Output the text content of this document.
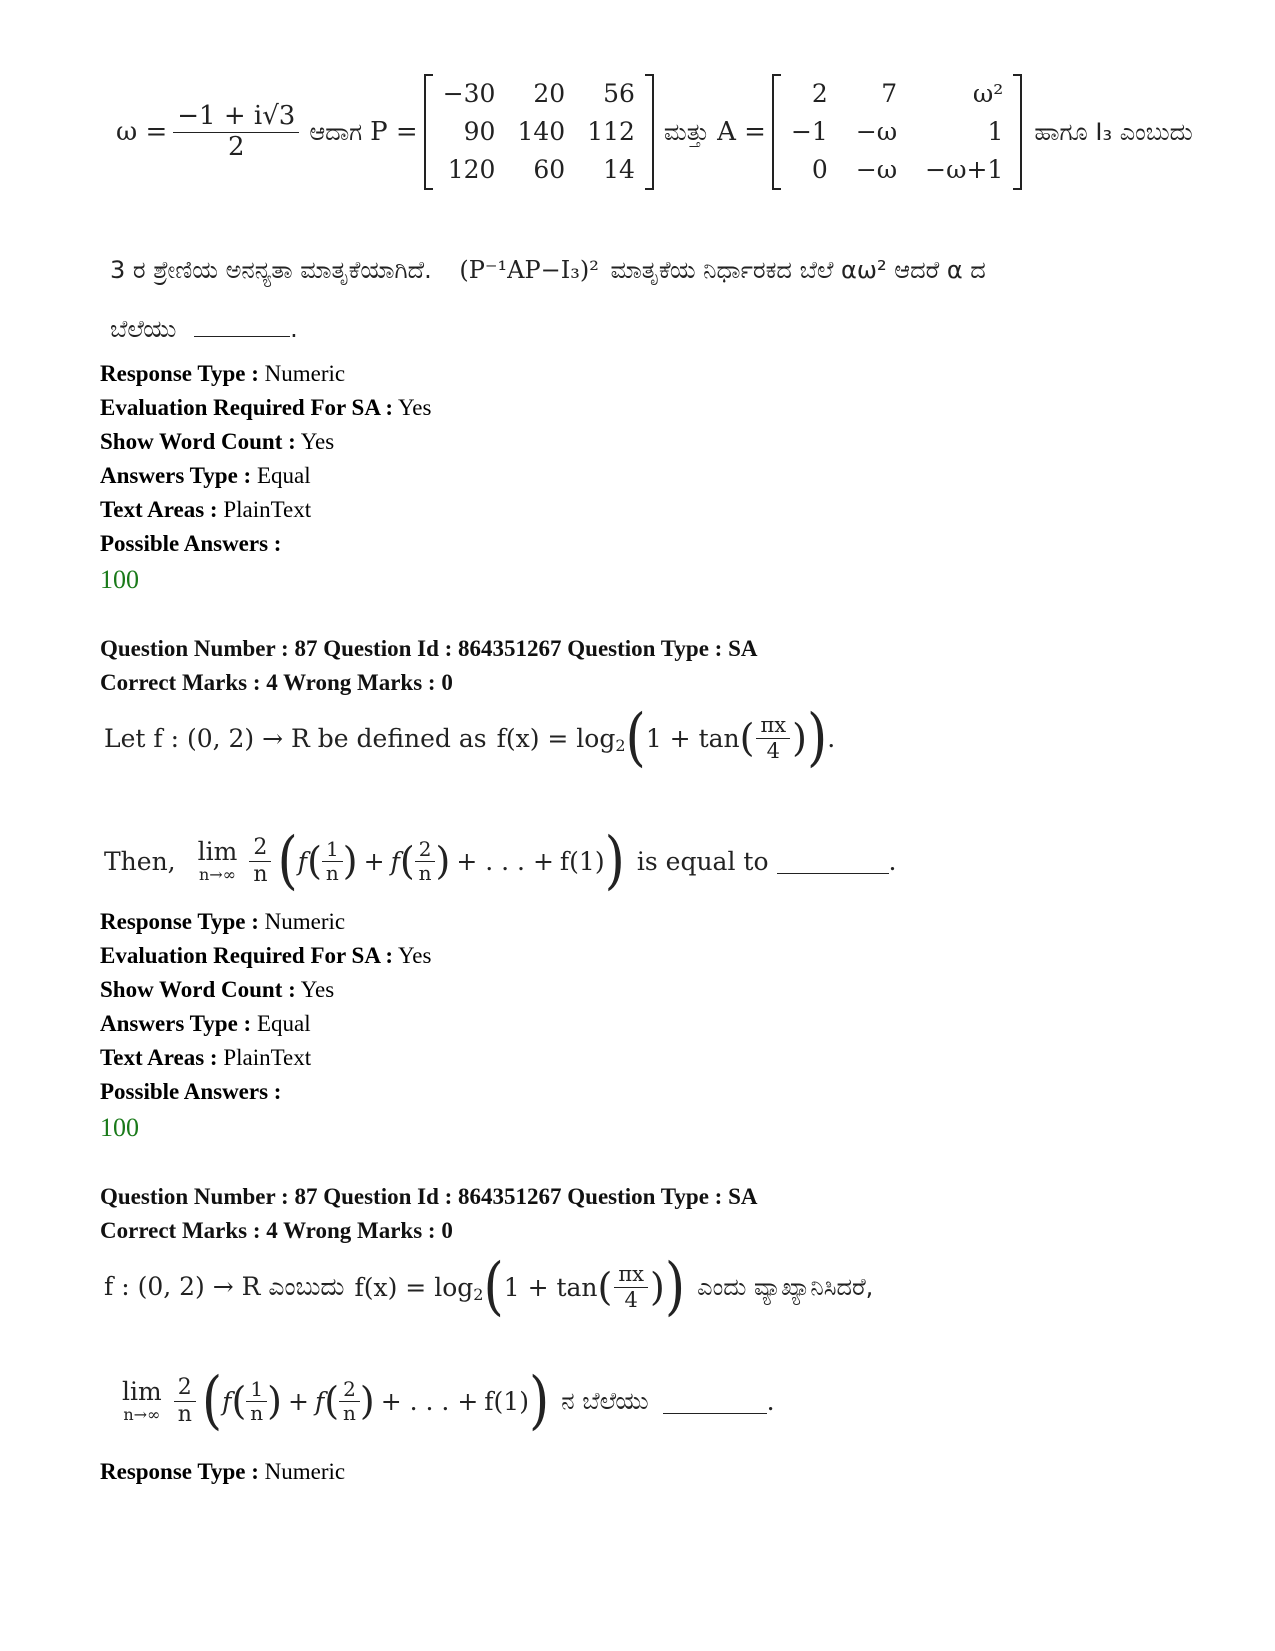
$\omega = \frac{-1 + i√3}{2}$ ಆದಾಗ P =
−30	20	56
90 140 112
120	60	14
ಮತ್ತು A =
2	7	ω²
−1 −ω	1
0 −ω −ω+1
ಹಾಗೂ I₃ ಎಂಬುದು
3 ರ ಶ್ರೇಣಿಯ ಅನನ್ಯತಾ ಮಾತೃಕೆಯಾಗಿದೆ. (P⁻¹AP−I₃)² ಮಾತೃಕೆಯ ನಿರ್ಧಾರಕದ ಬೆಲೆ αω² ಆದರೆ α ದ
ಬೆಲೆಯು	.
Response Type : Numeric
Evaluation Required For SA : Yes
Show Word Count : Yes
Answers Type : Equal
Text Areas : PlainText
Possible Answers :
100
Question Number : 87 Question Id : 864351267 Question Type : SA
Correct Marks : 4 Wrong Marks : 0
Let f : (0, 2) → R be defined as $f(x) = \log_2$ ( 1 + tan ( $\frac{\pi x}{4}$ ) ) .
Then, lim
$n\to\infty \frac{2}{n}$ ( f ( $\frac{1}{n}$ ) + f ( $\frac{2}{n}$ ) + . . . + f(1) ) is equal to	.
Response Type : Numeric
Evaluation Required For SA : Yes
Show Word Count : Yes
Answers Type : Equal
Text Areas : PlainText
Possible Answers :
100
Question Number : 87 Question Id : 864351267 Question Type : SA
Correct Marks : 4 Wrong Marks : 0
f : (0, 2) → R ಎಂಬುದು $f(x) = \log_2$ ( 1 + tan ( $\frac{\pi x}{4}$ ) ) ಎಂದು ವ್ಯಾಖ್ಯಾನಿಸಿದರೆ,
lim
$n\to\infty \frac{2}{n}$ ( f ( $\frac{1}{n}$ ) + f ( $\frac{2}{n}$ ) + . . . + f(1) ) ನ ಬೆಲೆಯು	.
Response Type : Numeric
